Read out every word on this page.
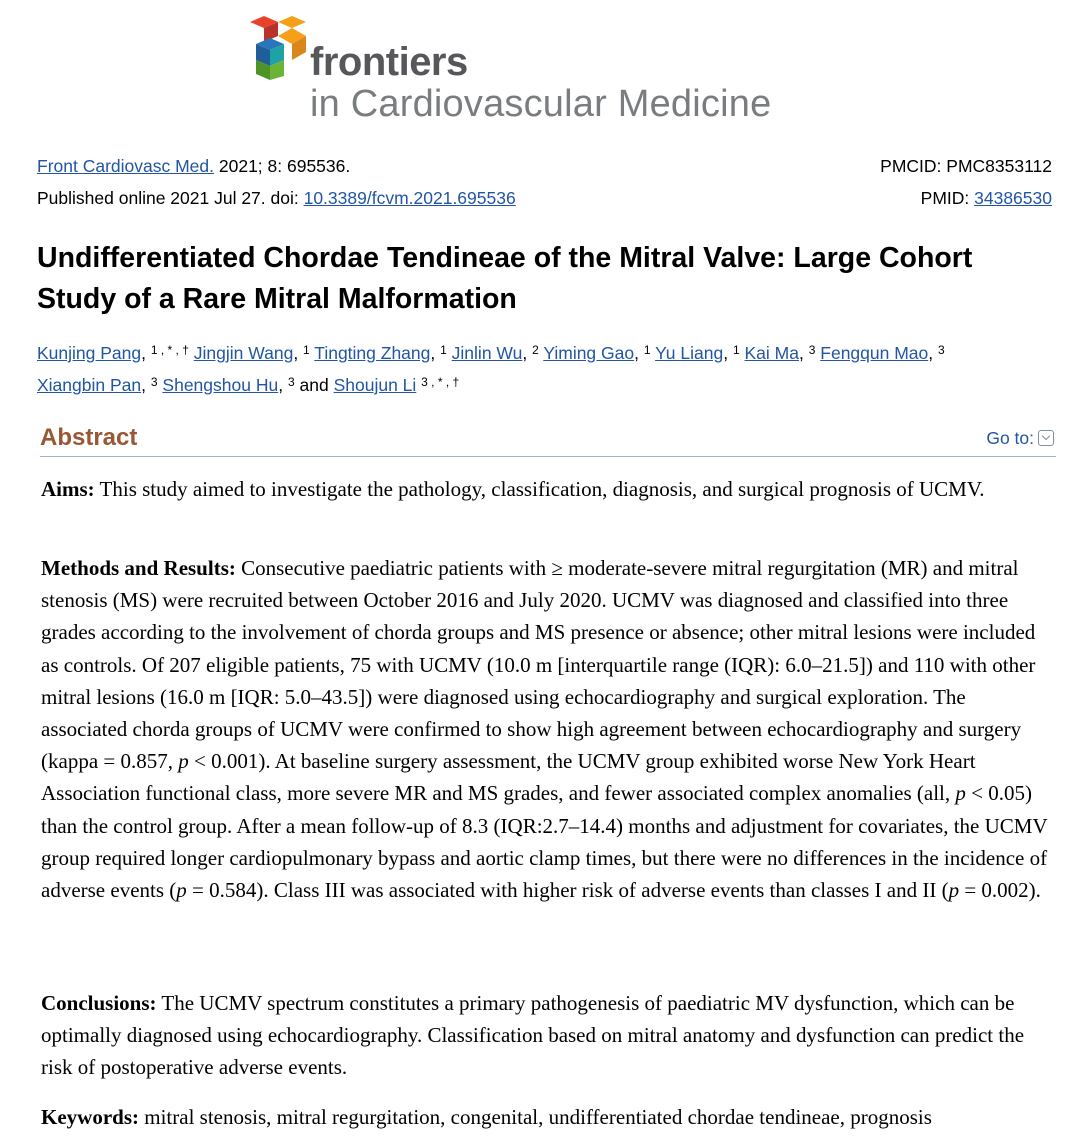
frontiers
in Cardiovascular Medicine
Front Cardiovasc Med. 2021; 8: 695536.
Published online 2021 Jul 27. doi: 10.3389/fcvm.2021.695536
PMCID: PMC8353112
PMID: 34386530
Undifferentiated Chordae Tendineae of the Mitral Valve: Large Cohort Study of a Rare Mitral Malformation
Kunjing Pang, $^{1 , * , \dagger}$ Jingjin Wang, $^1$ Tingting Zhang, $^1$ Jinlin Wu, $^2$ Yiming Gao, $^1$ Yu Liang, $^1$ Kai Ma, $^3$ Fengqun Mao, $^3$
Xiangbin Pan, $^3$ Shengshou Hu, $^3$ and Shoujun Li $^{3 , * , \dagger}$
Abstract	Go to:
Aims: This study aimed to investigate the pathology, classification, diagnosis, and surgical prognosis of UCMV.
Methods and Results: Consecutive paediatric patients with ≥ moderate-severe mitral regurgitation (MR) and mitral stenosis (MS) were recruited between October 2016 and July 2020. UCMV was diagnosed and classified into three grades according to the involvement of chorda groups and MS presence or absence; other mitral lesions were included as controls. Of 207 eligible patients, 75 with UCMV (10.0 m [interquartile range (IQR): 6.0–21.5]) and 110 with other mitral lesions (16.0 m [IQR: 5.0–43.5]) were diagnosed using echocardiography and surgical exploration. The associated chorda groups of UCMV were confirmed to show high agreement between echocardiography and surgery (kappa = 0.857, p < 0.001). At baseline surgery assessment, the UCMV group exhibited worse New York Heart Association functional class, more severe MR and MS grades, and fewer associated complex anomalies (all, p < 0.05) than the control group. After a mean follow-up of 8.3 (IQR:2.7–14.4) months and adjustment for covariates, the UCMV group required longer cardiopulmonary bypass and aortic clamp times, but there were no differences in the incidence of adverse events (p = 0.584). Class III was associated with higher risk of adverse events than classes I and II (p = 0.002).
Conclusions: The UCMV spectrum constitutes a primary pathogenesis of paediatric MV dysfunction, which can be optimally diagnosed using echocardiography. Classification based on mitral anatomy and dysfunction can predict the risk of postoperative adverse events.
Keywords: mitral stenosis, mitral regurgitation, congenital, undifferentiated chordae tendineae, prognosis
